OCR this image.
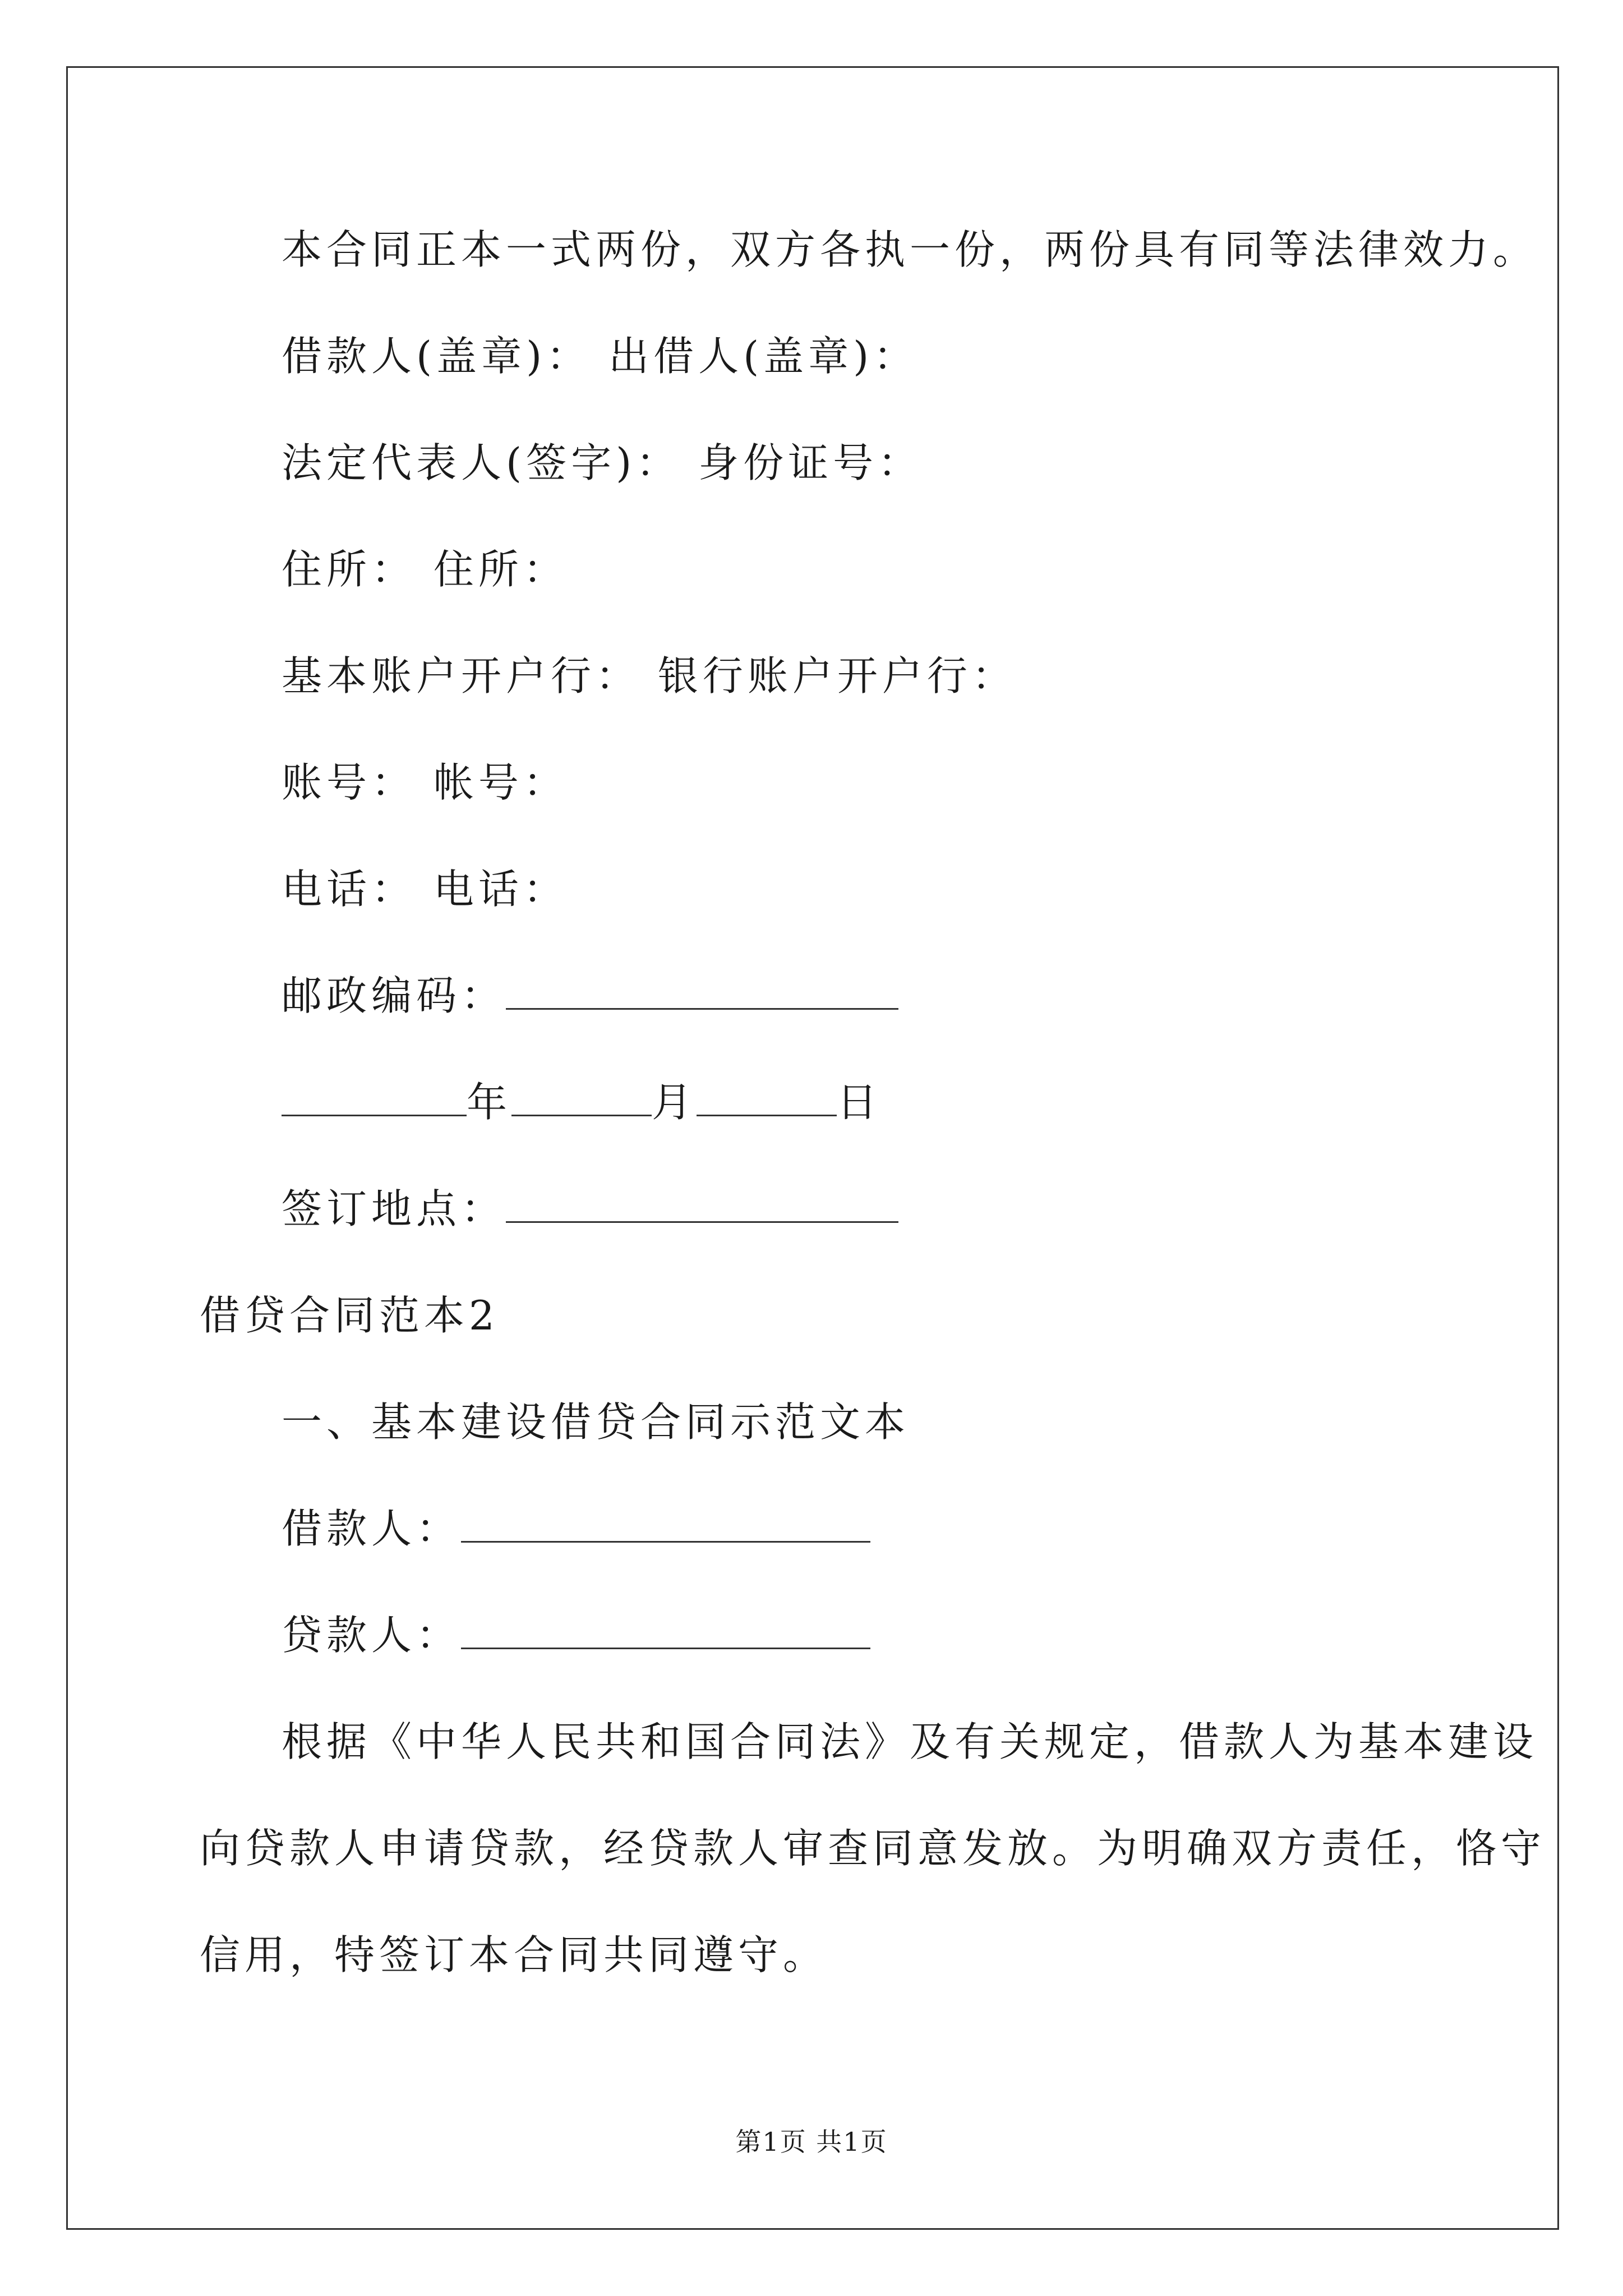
本合同正本一式两份，双方各执一份，两份具有同等法律效力。
借款人(盖章)： 出借人(盖章)：
法定代表人(签字)： 身份证号：
住所： 住所：
基本账户开户行： 银行账户开户行：
账号： 帐号：
电话： 电话：
邮政编码：
年	月	日
签订地点：
借贷合同范本2
一、基本建设借贷合同示范文本
借款人：
贷款人：
根据《中华人民共和国合同法》及有关规定，借款人为基本建设
向贷款人申请贷款，经贷款人审查同意发放。为明确双方责任，恪守
信用，特签订本合同共同遵守。
第1页 共1页
